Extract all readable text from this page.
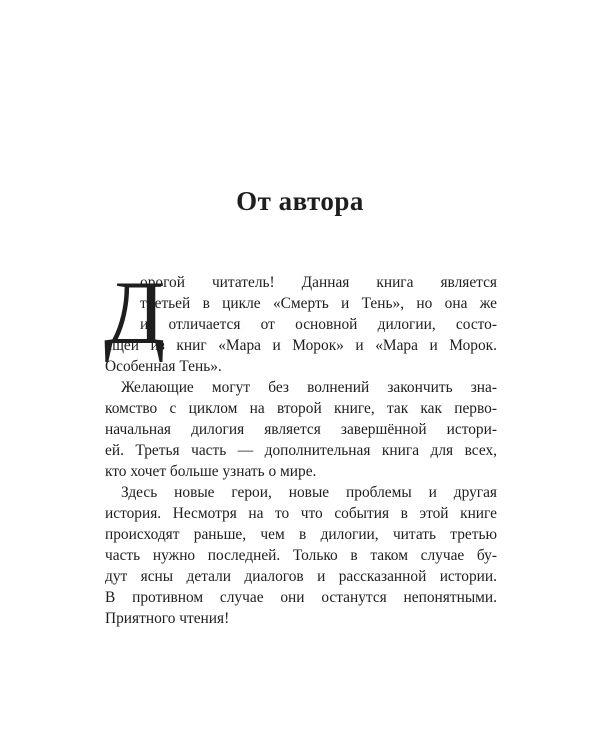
От автора
Д
орогой читатель! Данная книга является
третьей в цикле «Смерть и Тень», но она же
и отличается от основной дилогии, состо-
ящей из книг «Мара и Морок» и «Мара и Морок.
Особенная Тень».
Желающие могут без волнений закончить зна-
комство с циклом на второй книге, так как перво-
начальная дилогия является завершённой истори-
ей. Третья часть — дополнительная книга для всех,
кто хочет больше узнать о мире.
Здесь новые герои, новые проблемы и другая
история. Несмотря на то что события в этой книге
происходят раньше, чем в дилогии, читать третью
часть нужно последней. Только в таком случае бу-
дут ясны детали диалогов и рассказанной истории.
В противном случае они останутся непонятными.
Приятного чтения!
